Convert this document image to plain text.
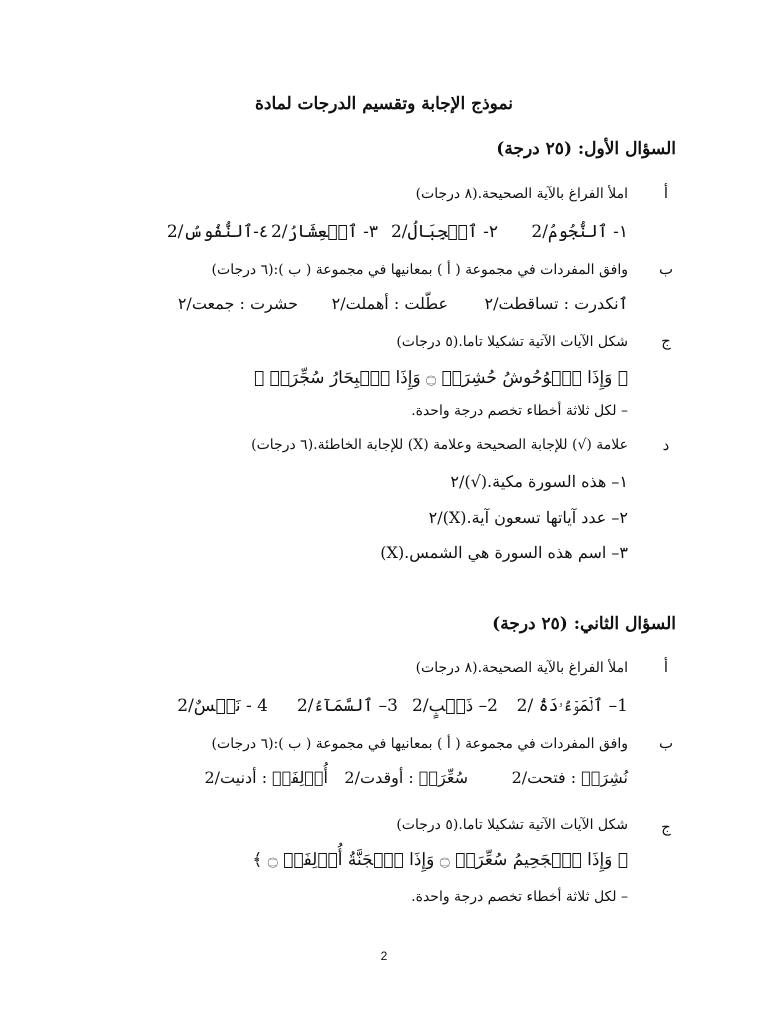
نموذج الإجابة وتقسيم الدرجات لمادة
السؤال الأول: (٢٥ درجة)
أ
املأ الفراغ بالآية الصحيحة.(٨ درجات)
١- ٱلنُّجُومُ/2
٢- ٱلۡجِبَالُ/2
٣- ٱلۡعِشَارُ/2
٤-ٱلنُّفُوسُ/2
ب
وافق المفردات في مجموعة ( أ ) بمعانيها في مجموعة ( ب ):(٦ درجات)
ٱنكدرت : تساقطت/٢
عطّلت : أهملت/٢
حشرت : جمعت/٢
ج
شكل الآيات الآتية تشكيلا تاما.(٥ درجات)
﴿ وَإِذَا ٱلۡوُحُوشُ حُشِرَتۡ ۝ وَإِذَا ٱلۡبِحَارُ سُجِّرَتۡ ﴾
– لكل ثلاثة أخطاء تخصم درجة واحدة.
د
علامة (√) للإجابة الصحيحة وعلامة (X) للإجابة الخاطئة.(٦ درجات)
١– هذه السورة مكية.(√)/٢
٢– عدد آياتها تسعون آية.(X)/٢
٣– اسم هذه السورة هي الشمس.(X)
السؤال الثاني: (٢٥ درجة)
أ
املأ الفراغ بالآية الصحيحة.(٨ درجات)
1– ٱلۡمَوۡءُۥدَةُ /2
2– ذَنۢبٍ/2
3– ٱلسَّمَآءُ/2
4 - نَفۡسٌ/2
ب
وافق المفردات في مجموعة ( أ ) بمعانيها في مجموعة ( ب ):(٦ درجات)
نُشِرَتۡ : فتحت/2
سُعِّرَتۡ : أوقدت/2
أُزۡلِفَتۡ : أدنيت/2
ج
شكل الآيات الآتية تشكيلا تاما.(٥ درجات)
﴿ وَإِذَا ٱلۡجَحِيمُ سُعِّرَتۡ ۝ وَإِذَا ٱلۡجَنَّةُ أُزۡلِفَتۡ ۝ ﴾
– لكل ثلاثة أخطاء تخصم درجة واحدة.
2
